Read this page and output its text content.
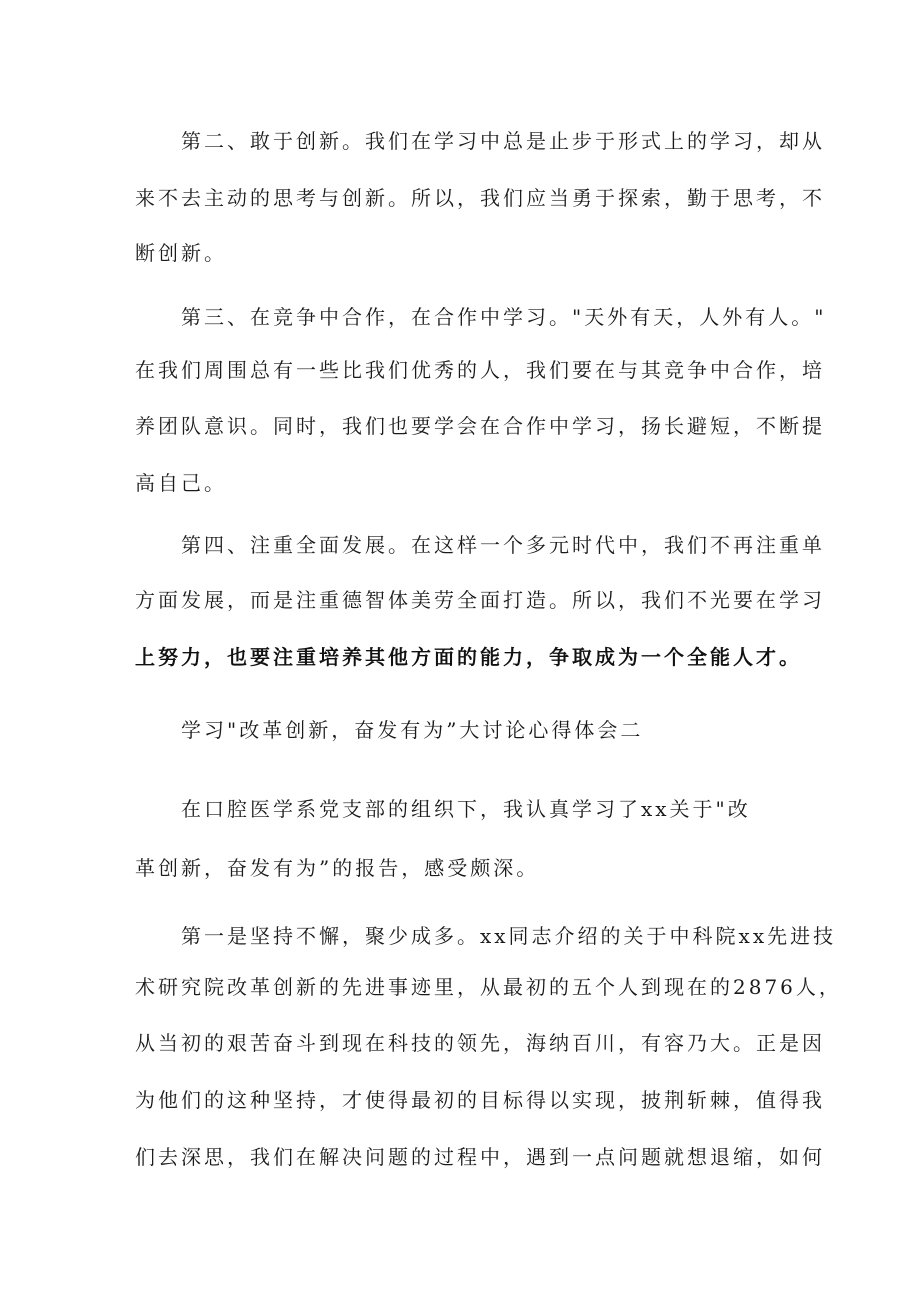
第二、敢于创新。我们在学习中总是止步于形式上的学习，却从

来不去主动的思考与创新。所以，我们应当勇于探索，勤于思考，不

断创新。

第三、在竞争中合作，在合作中学习。"天外有天，人外有人。"

在我们周围总有一些比我们优秀的人，我们要在与其竞争中合作，培

养团队意识。同时，我们也要学会在合作中学习，扬长避短，不断提

高自己。

第四、注重全面发展。在这样一个多元时代中，我们不再注重单

方面发展，而是注重德智体美劳全面打造。所以，我们不光要在学习

上努力，也要注重培养其他方面的能力，争取成为一个全能人才。

学习"改革创新，奋发有为”大讨论心得体会二

在口腔医学系党支部的组织下，我认真学习了xx关于"改

革创新，奋发有为”的报告，感受颇深。

第一是坚持不懈，聚少成多。xx同志介绍的关于中科院xx先进技

术研究院改革创新的先进事迹里，从最初的五个人到现在的2876人，

从当初的艰苦奋斗到现在科技的领先，海纳百川，有容乃大。正是因

为他们的这种坚持，才使得最初的目标得以实现，披荆斩棘，值得我

们去深思，我们在解决问题的过程中，遇到一点问题就想退缩，如何
